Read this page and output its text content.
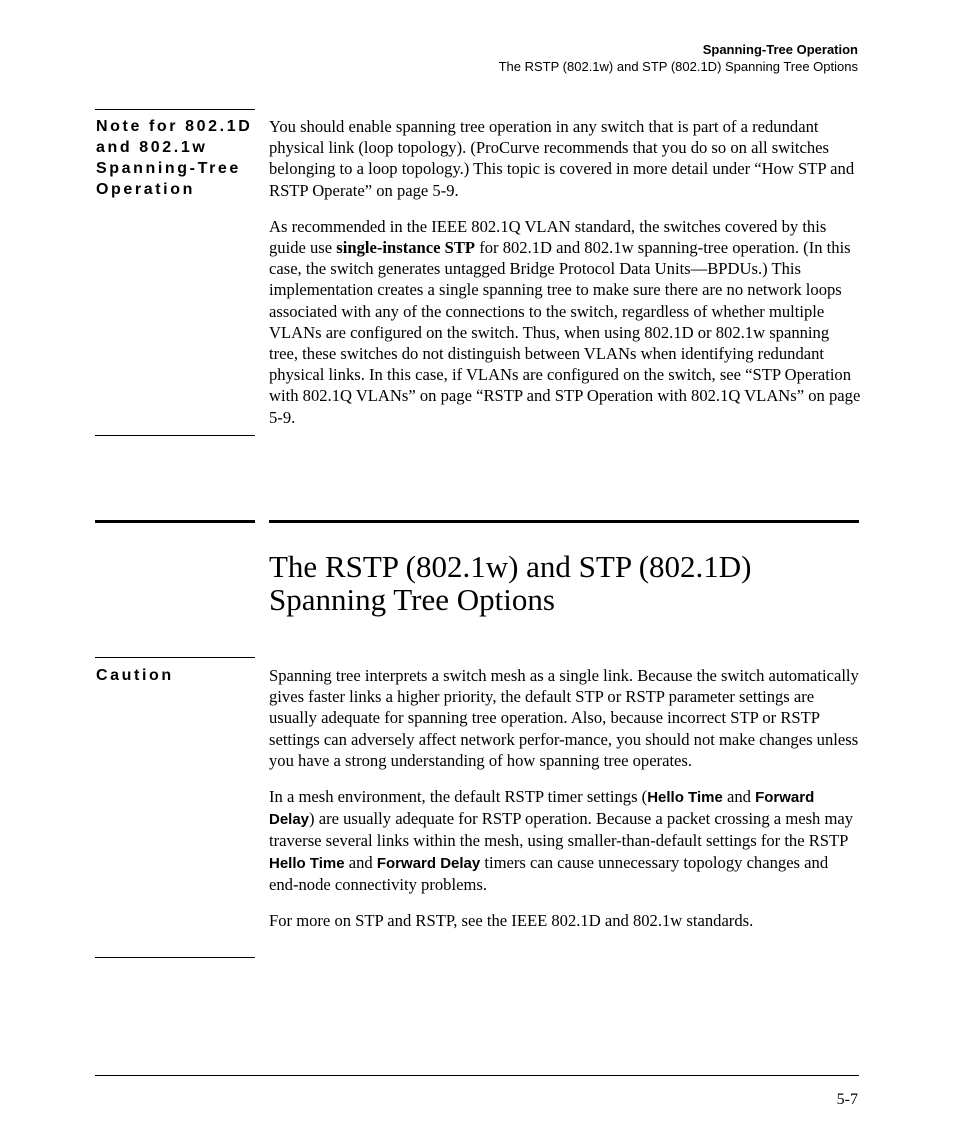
Spanning-Tree Operation
The RSTP (802.1w) and STP (802.1D) Spanning Tree Options
Note for 802.1D and 802.1w Spanning-Tree Operation

You should enable spanning tree operation in any switch that is part of a redundant physical link (loop topology). (ProCurve recommends that you do so on all switches belonging to a loop topology.) This topic is covered in more detail under “How STP and RSTP Operate” on page 5-9.

As recommended in the IEEE 802.1Q VLAN standard, the switches covered by this guide use single-instance STP for 802.1D and 802.1w spanning-tree operation. (In this case, the switch generates untagged Bridge Protocol Data Units—BPDUs.) This implementation creates a single spanning tree to make sure there are no network loops associated with any of the connections to the switch, regardless of whether multiple VLANs are configured on the switch. Thus, when using 802.1D or 802.1w spanning tree, these switches do not distinguish between VLANs when identifying redundant physical links. In this case, if VLANs are configured on the switch, see “STP Operation with 802.1Q VLANs” on page “RSTP and STP Operation with 802.1Q VLANs” on page 5-9.

The RSTP (802.1w) and STP (802.1D)
Spanning Tree Options
Caution	Spanning tree interprets a switch mesh as a single link. Because the switch automatically gives faster links a higher priority, the default STP or RSTP parameter settings are usually adequate for spanning tree operation. Also, because incorrect STP or RSTP settings can adversely affect network perfor-mance, you should not make changes unless you have a strong understanding of how spanning tree operates.

In a mesh environment, the default RSTP timer settings (Hello Time and Forward Delay) are usually adequate for RSTP operation. Because a packet crossing a mesh may traverse several links within the mesh, using smaller-than-default settings for the RSTP Hello Time and Forward Delay timers can cause unnecessary topology changes and end-node connectivity problems.

For more on STP and RSTP, see the IEEE 802.1D and 802.1w standards.

5-7
